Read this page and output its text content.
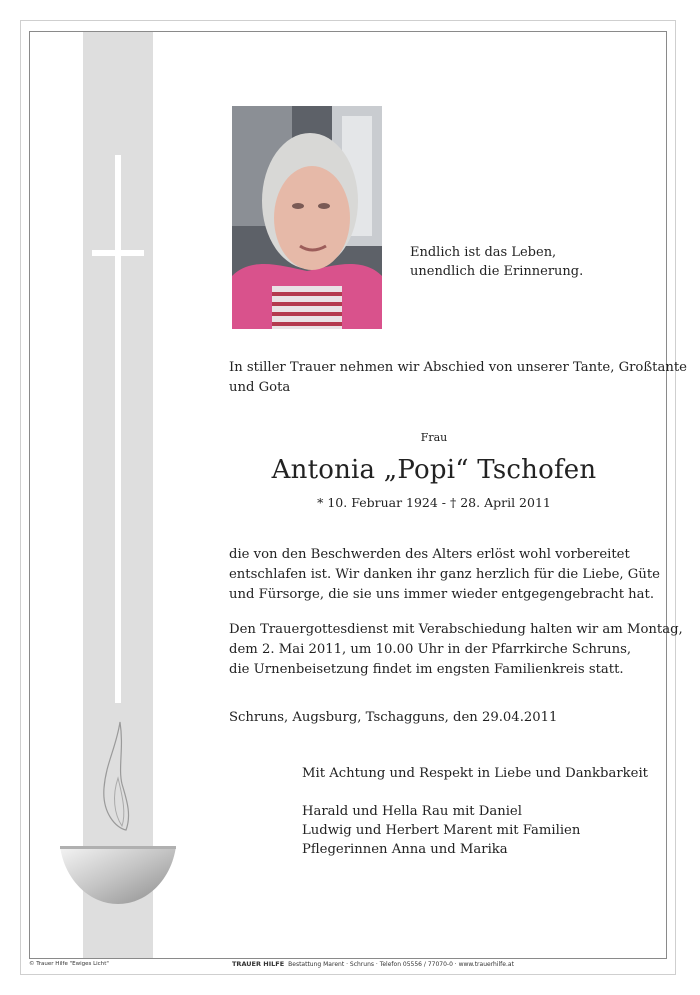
Endlich ist das Leben,
unendlich die Erinnerung.
In stiller Trauer nehmen wir Abschied von unserer Tante, Großtante
und Gota
Frau
Antonia „Popi“ Tschofen
* 10. Februar 1924 - † 28. April 2011
die von den Beschwerden des Alters erlöst wohl vorbereitet
entschlafen ist. Wir danken ihr ganz herzlich für die Liebe, Güte
und Fürsorge, die sie uns immer wieder entgegengebracht hat.
Den Trauergottesdienst mit Verabschiedung halten wir am Montag,
dem 2. Mai 2011, um 10.00 Uhr in der Pfarrkirche Schruns,
die Urnenbeisetzung findet im engsten Familienkreis statt.
Schruns, Augsburg, Tschagguns, den 29.04.2011
Mit Achtung und Respekt in Liebe und Dankbarkeit
Harald und Hella Rau mit Daniel
Ludwig und Herbert Marent mit Familien
Pflegerinnen Anna und Marika
© Trauer Hilfe "Ewiges Licht"	TRAUER HILFE Bestattung Marent · Schruns · Telefon 05556 / 77070-0 · www.trauerhilfe.at
